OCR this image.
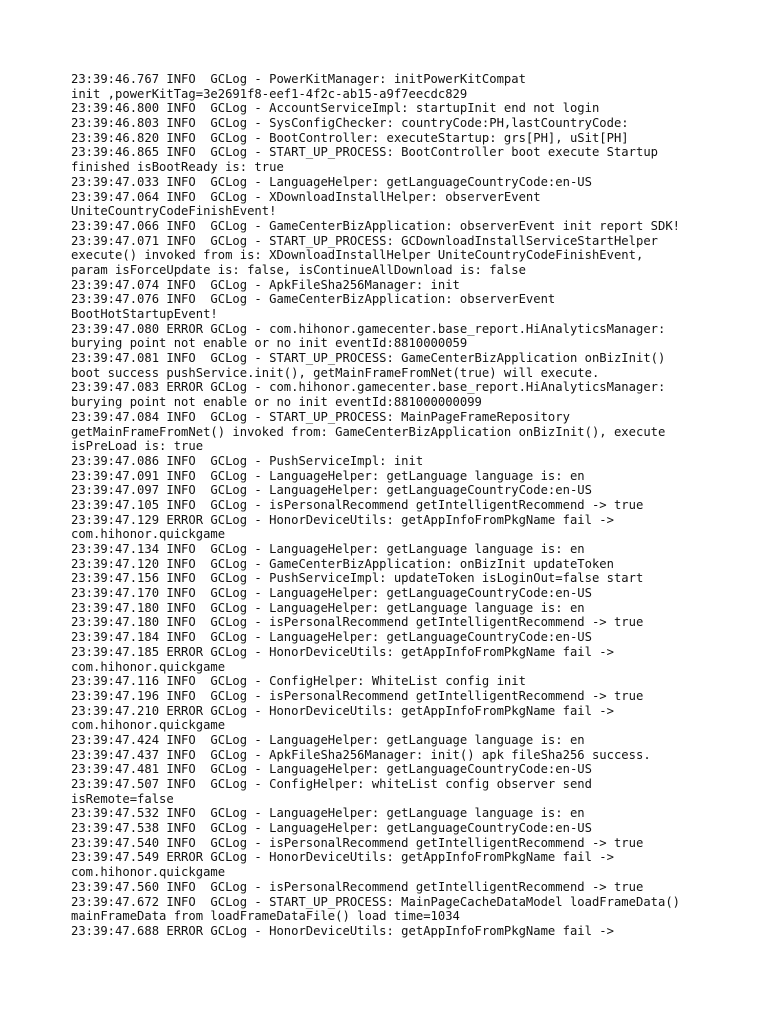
23:39:46.767 INFO  GCLog - PowerKitManager: initPowerKitCompat
init ,powerKitTag=3e2691f8-eef1-4f2c-ab15-a9f7eecdc829
23:39:46.800 INFO  GCLog - AccountServiceImpl: startupInit end not login
23:39:46.803 INFO  GCLog - SysConfigChecker: countryCode:PH,lastCountryCode:
23:39:46.820 INFO  GCLog - BootController: executeStartup: grs[PH], uSit[PH]
23:39:46.865 INFO  GCLog - START_UP_PROCESS: BootController boot execute Startup
finished isBootReady is: true
23:39:47.033 INFO  GCLog - LanguageHelper: getLanguageCountryCode:en-US
23:39:47.064 INFO  GCLog - XDownloadInstallHelper: observerEvent
UniteCountryCodeFinishEvent!
23:39:47.066 INFO  GCLog - GameCenterBizApplication: observerEvent init report SDK!
23:39:47.071 INFO  GCLog - START_UP_PROCESS: GCDownloadInstallServiceStartHelper
execute() invoked from is: XDownloadInstallHelper UniteCountryCodeFinishEvent,
param isForceUpdate is: false, isContinueAllDownload is: false
23:39:47.074 INFO  GCLog - ApkFileSha256Manager: init
23:39:47.076 INFO  GCLog - GameCenterBizApplication: observerEvent
BootHotStartupEvent!
23:39:47.080 ERROR GCLog - com.hihonor.gamecenter.base_report.HiAnalyticsManager:
burying point not enable or no init eventId:8810000059
23:39:47.081 INFO  GCLog - START_UP_PROCESS: GameCenterBizApplication onBizInit()
boot success pushService.init(), getMainFrameFromNet(true) will execute.
23:39:47.083 ERROR GCLog - com.hihonor.gamecenter.base_report.HiAnalyticsManager:
burying point not enable or no init eventId:881000000099
23:39:47.084 INFO  GCLog - START_UP_PROCESS: MainPageFrameRepository
getMainFrameFromNet() invoked from: GameCenterBizApplication onBizInit(), execute
isPreLoad is: true
23:39:47.086 INFO  GCLog - PushServiceImpl: init
23:39:47.091 INFO  GCLog - LanguageHelper: getLanguage language is: en
23:39:47.097 INFO  GCLog - LanguageHelper: getLanguageCountryCode:en-US
23:39:47.105 INFO  GCLog - isPersonalRecommend getIntelligentRecommend -> true
23:39:47.129 ERROR GCLog - HonorDeviceUtils: getAppInfoFromPkgName fail ->
com.hihonor.quickgame
23:39:47.134 INFO  GCLog - LanguageHelper: getLanguage language is: en
23:39:47.120 INFO  GCLog - GameCenterBizApplication: onBizInit updateToken
23:39:47.156 INFO  GCLog - PushServiceImpl: updateToken isLoginOut=false start
23:39:47.170 INFO  GCLog - LanguageHelper: getLanguageCountryCode:en-US
23:39:47.180 INFO  GCLog - LanguageHelper: getLanguage language is: en
23:39:47.180 INFO  GCLog - isPersonalRecommend getIntelligentRecommend -> true
23:39:47.184 INFO  GCLog - LanguageHelper: getLanguageCountryCode:en-US
23:39:47.185 ERROR GCLog - HonorDeviceUtils: getAppInfoFromPkgName fail ->
com.hihonor.quickgame
23:39:47.116 INFO  GCLog - ConfigHelper: WhiteList config init
23:39:47.196 INFO  GCLog - isPersonalRecommend getIntelligentRecommend -> true
23:39:47.210 ERROR GCLog - HonorDeviceUtils: getAppInfoFromPkgName fail ->
com.hihonor.quickgame
23:39:47.424 INFO  GCLog - LanguageHelper: getLanguage language is: en
23:39:47.437 INFO  GCLog - ApkFileSha256Manager: init() apk fileSha256 success.
23:39:47.481 INFO  GCLog - LanguageHelper: getLanguageCountryCode:en-US
23:39:47.507 INFO  GCLog - ConfigHelper: whiteList config observer send
isRemote=false
23:39:47.532 INFO  GCLog - LanguageHelper: getLanguage language is: en
23:39:47.538 INFO  GCLog - LanguageHelper: getLanguageCountryCode:en-US
23:39:47.540 INFO  GCLog - isPersonalRecommend getIntelligentRecommend -> true
23:39:47.549 ERROR GCLog - HonorDeviceUtils: getAppInfoFromPkgName fail ->
com.hihonor.quickgame
23:39:47.560 INFO  GCLog - isPersonalRecommend getIntelligentRecommend -> true
23:39:47.672 INFO  GCLog - START_UP_PROCESS: MainPageCacheDataModel loadFrameData()
mainFrameData from loadFrameDataFile() load time=1034
23:39:47.688 ERROR GCLog - HonorDeviceUtils: getAppInfoFromPkgName fail ->
